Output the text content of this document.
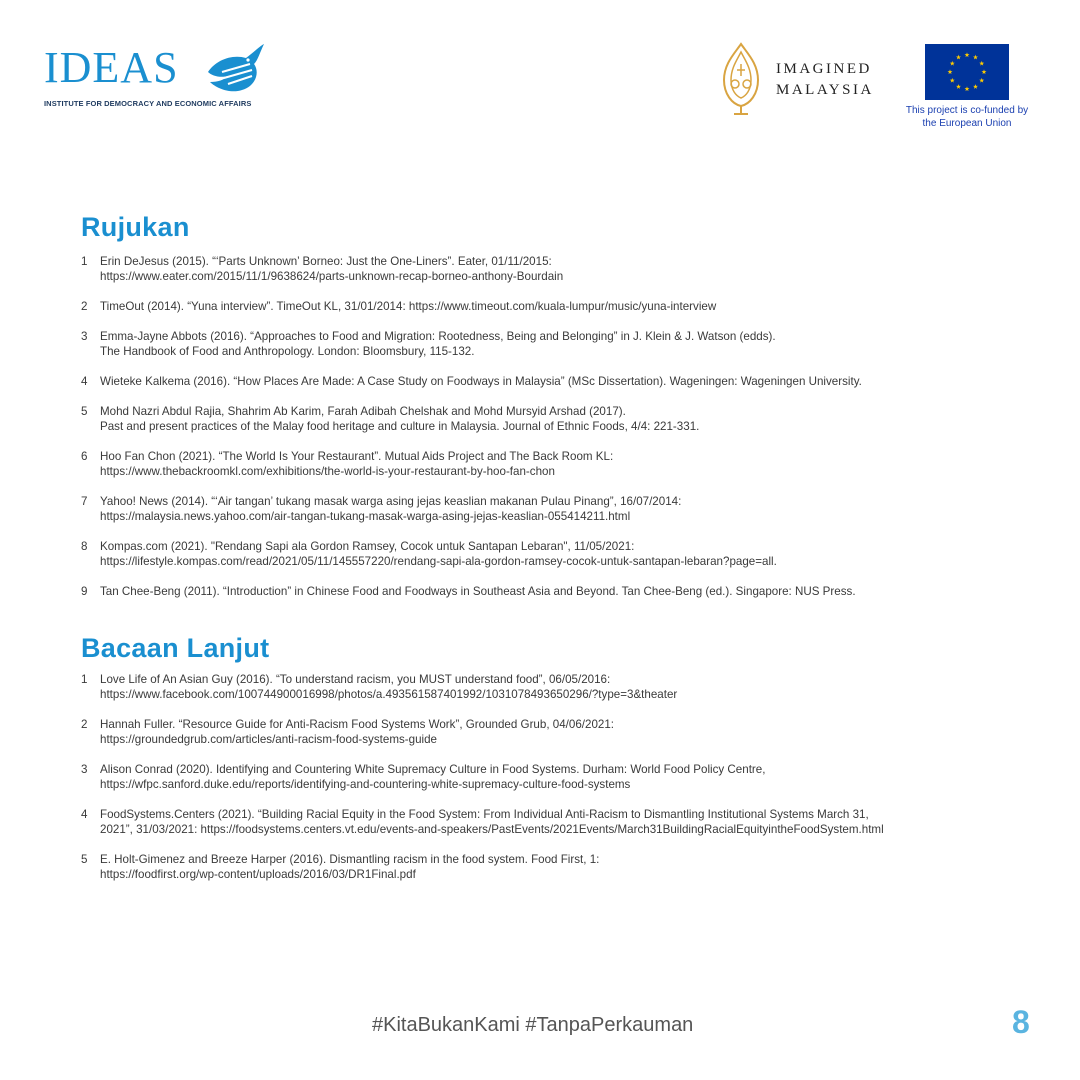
IDEAS
INSTITUTE FOR DEMOCRACY AND ECONOMIC AFFAIRS
IMAGINED
MALAYSIA
This project is co-funded by
the European Union
Rujukan
1	Erin DeJesus (2015). “‘Parts Unknown’ Borneo: Just the One-Liners”. Eater, 01/11/2015:
https://www.eater.com/2015/11/1/9638624/parts-unknown-recap-borneo-anthony-Bourdain
2	TimeOut (2014). “Yuna interview”. TimeOut KL, 31/01/2014: https://www.timeout.com/kuala-lumpur/music/yuna-interview
3	Emma-Jayne Abbots (2016). “Approaches to Food and Migration: Rootedness, Being and Belonging” in J. Klein & J. Watson (edds).
The Handbook of Food and Anthropology. London: Bloomsbury, 115-132.
4	Wieteke Kalkema (2016). “How Places Are Made: A Case Study on Foodways in Malaysia” (MSc Dissertation). Wageningen: Wageningen University.
5	Mohd Nazri Abdul Rajia, Shahrim Ab Karim, Farah Adibah Chelshak and Mohd Mursyid Arshad (2017).
Past and present practices of the Malay food heritage and culture in Malaysia. Journal of Ethnic Foods, 4/4: 221-331.
6	Hoo Fan Chon (2021). “The World Is Your Restaurant”. Mutual Aids Project and The Back Room KL:
https://www.thebackroomkl.com/exhibitions/the-world-is-your-restaurant-by-hoo-fan-chon
7	Yahoo! News (2014). “‘Air tangan’ tukang masak warga asing jejas keaslian makanan Pulau Pinang”, 16/07/2014:
https://malaysia.news.yahoo.com/air-tangan-tukang-masak-warga-asing-jejas-keaslian-055414211.html
8	Kompas.com (2021). "Rendang Sapi ala Gordon Ramsey, Cocok untuk Santapan Lebaran", 11/05/2021:
https://lifestyle.kompas.com/read/2021/05/11/145557220/rendang-sapi-ala-gordon-ramsey-cocok-untuk-santapan-lebaran?page=all.
9	Tan Chee-Beng (2011). “Introduction” in Chinese Food and Foodways in Southeast Asia and Beyond. Tan Chee-Beng (ed.). Singapore: NUS Press.
Bacaan Lanjut
1	Love Life of An Asian Guy (2016). “To understand racism, you MUST understand food”, 06/05/2016:
https://www.facebook.com/100744900016998/photos/a.493561587401992/1031078493650296/?type=3&theater
2	Hannah Fuller. “Resource Guide for Anti-Racism Food Systems Work”, Grounded Grub, 04/06/2021:
https://groundedgrub.com/articles/anti-racism-food-systems-guide
3	Alison Conrad (2020). Identifying and Countering White Supremacy Culture in Food Systems. Durham: World Food Policy Centre,
https://wfpc.sanford.duke.edu/reports/identifying-and-countering-white-supremacy-culture-food-systems
4	FoodSystems.Centers (2021). “Building Racial Equity in the Food System: From Individual Anti-Racism to Dismantling Institutional Systems March 31,
2021”, 31/03/2021: https://foodsystems.centers.vt.edu/events-and-speakers/PastEvents/2021Events/March31BuildingRacialEquityintheFoodSystem.html
5	E. Holt-Gimenez and Breeze Harper (2016). Dismantling racism in the food system. Food First, 1:
https://foodfirst.org/wp-content/uploads/2016/03/DR1Final.pdf
#KitaBukanKami #TanpaPerkauman	8
